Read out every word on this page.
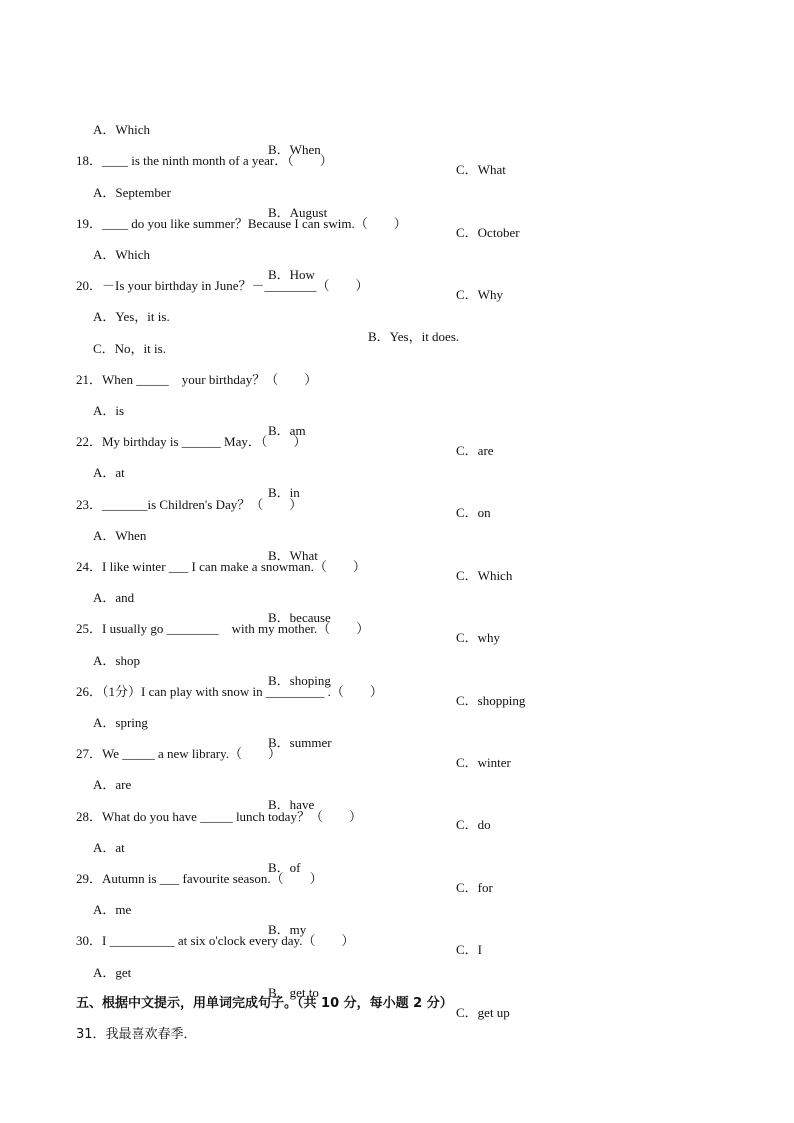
A．Which

B．When

C．What

18．____ is the ninth month of a year．（　　）

A．September

B．August

C．October

19．____ do you like summer？Because I can swim.（　　）

A．Which

B．How

C．Why

20．－Is your birthday in June？－________（　　）

A．Yes，it is.

B．Yes，it does.

C．No，it is.

21．When _____    your birthday？（　　）

A．is

B．am

C．are

22．My birthday is ______ May．（　　）

A．at

B．in

C．on

23．_______is Children's Day？（　　）

A．When

B．What

C．Which

24．I like winter ___ I can make a snowman.（　　）

A．and

B．because

C．why

25．I usually go ________    with my mother.（　　）

A．shop

B．shoping

C．shopping

26．（1分）I can play with snow in _________ .（　　）

A．spring

B．summer

C．winter

27．We _____ a new library.（　　）

A．are

B．have

C．do

28．What do you have _____ lunch today？（　　）

A．at

B．of

C．for

29．Autumn is ___ favourite season.（　　）

A．me

B．my

C．I

30．I __________ at six o'clock every day.（　　）

A．get

B．get to

C．get up

五、根据中文提示，用单词完成句子。（共 10 分，每小题 2 分）

31．我最喜欢春季．
